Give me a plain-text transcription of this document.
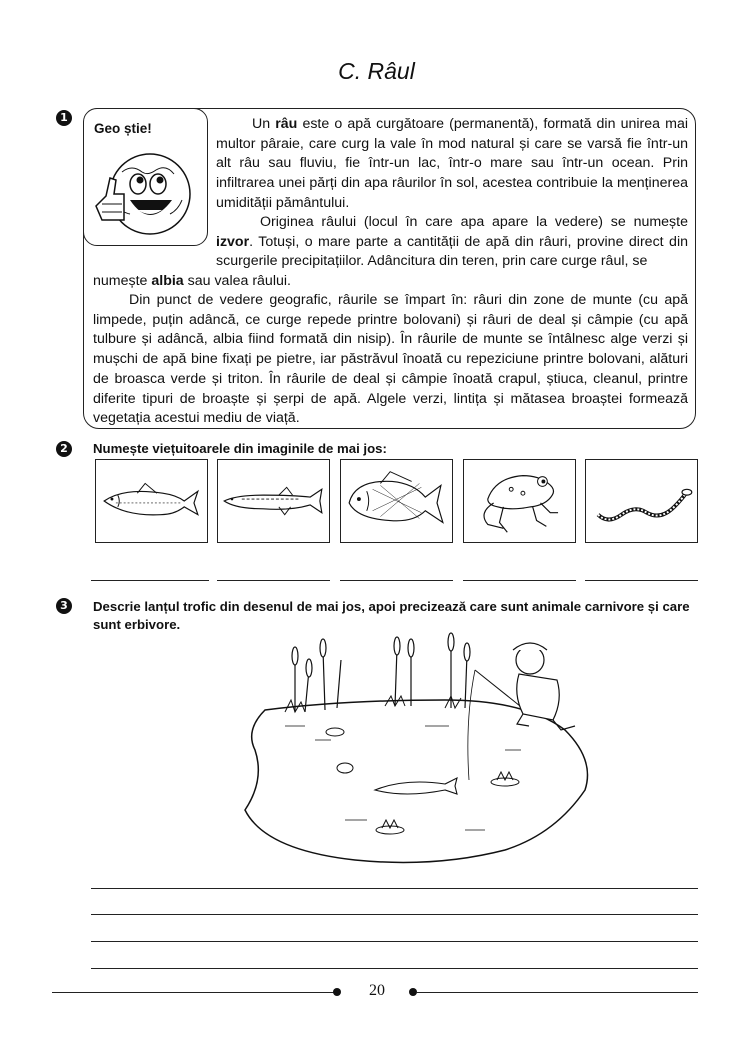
C. Râul
1
Geo știe!	Un râu este o apă curgătoare (permanentă), formată din unirea mai multor pâraie, care curg la vale în mod natural și care se varsă fie într-un alt râu sau fluviu, fie într-un lac, într-o mare sau într-un ocean. Prin infiltrarea unei părți din apa râurilor în sol, acestea contribuie la menținerea umidității pământului.
Originea râului (locul în care apa apare la vedere) se numește izvor. Totuși, o mare parte a cantității de apă din râuri, provine direct din scurgerile precipitațiilor. Adâncitura din teren, prin care curge râul, se
numește albia sau valea râului.
Din punct de vedere geografic, râurile se împart în: râuri din zone de munte (cu apă limpede, puțin adâncă, ce curge repede printre bolovani) și râuri de deal și câmpie (cu apă tulbure și adâncă, albia fiind formată din nisip). În râurile de munte se întâlnesc alge verzi și mușchi de apă bine fixați pe pietre, iar păstrăvul înoată cu repeziciune printre bolovani, alături de broasca verde și triton. În râurile de deal și câmpie înoată crapul, știuca, cleanul, printre diferite tipuri de broaște și șerpi de apă. Algele verzi, lintița și mătasea broaștei formează vegetația acestui mediu de viață.
2	Numește viețuitoarele din imaginile de mai jos:
3	Descrie lanțul trofic din desenul de mai jos, apoi precizează care sunt animale carnivore și care sunt erbivore.
20
